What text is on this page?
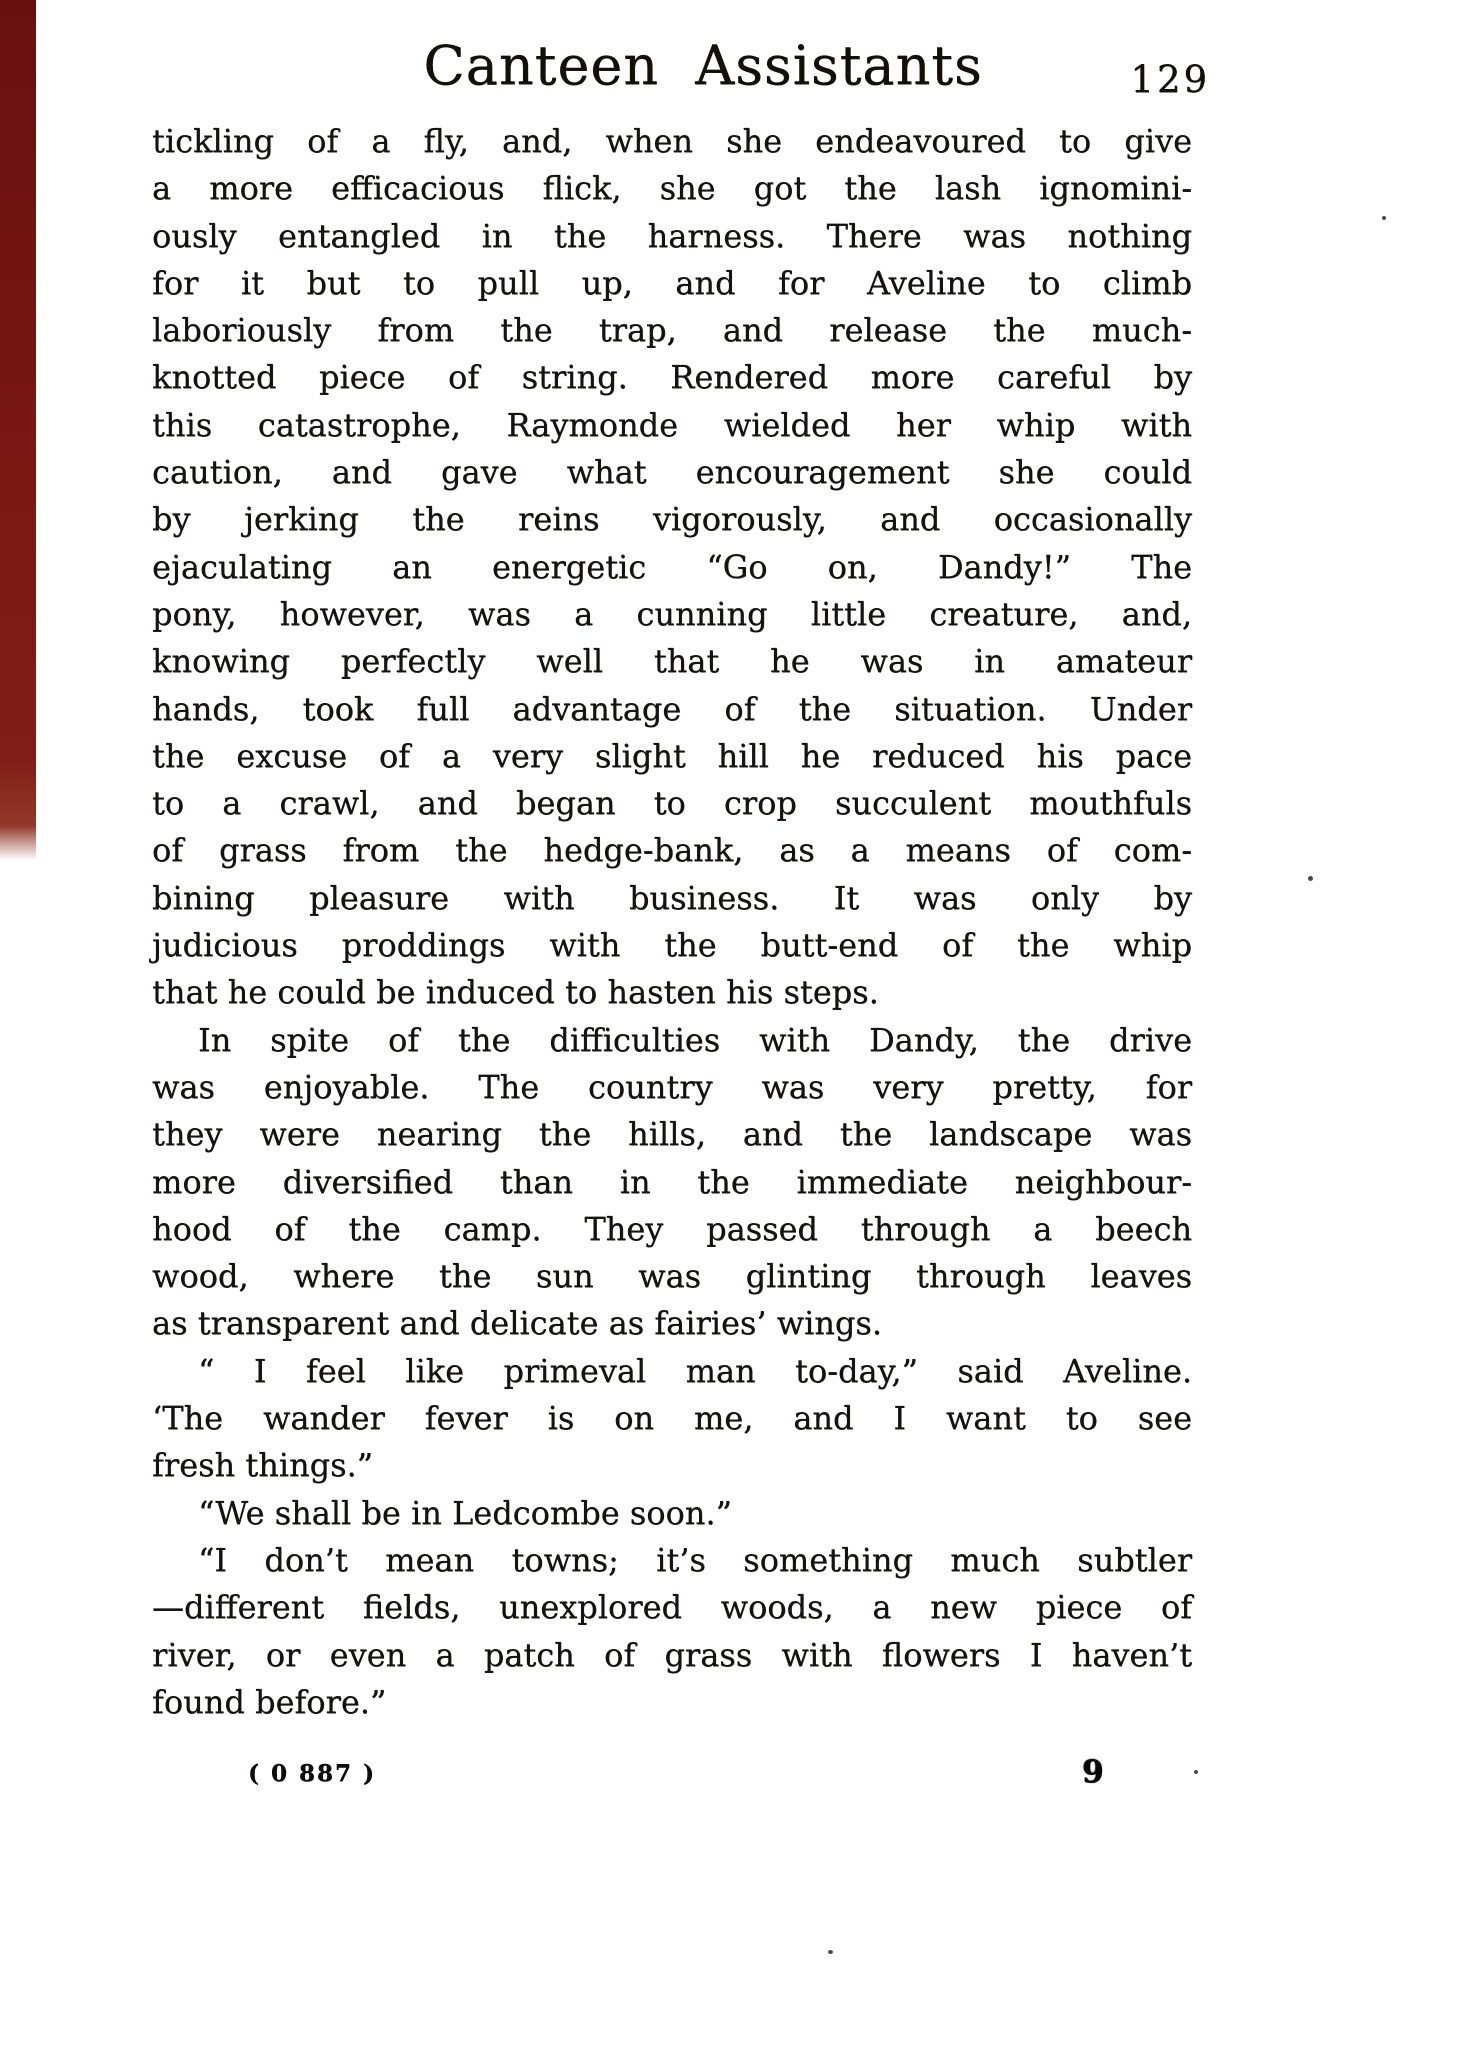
Canteen Assistants	129
tickling of a fly, and, when she endeavoured to give
a more efficacious flick, she got the lash ignomini-
ously entangled in the harness. There was nothing
for it but to pull up, and for Aveline to climb
laboriously from the trap, and release the much-
knotted piece of string. Rendered more careful by
this catastrophe, Raymonde wielded her whip with
caution, and gave what encouragement she could
by jerking the reins vigorously, and occasionally
ejaculating an energetic “Go on, Dandy!” The
pony, however, was a cunning little creature, and,
knowing perfectly well that he was in amateur
hands, took full advantage of the situation. Under
the excuse of a very slight hill he reduced his pace
to a crawl, and began to crop succulent mouthfuls
of grass from the hedge-bank, as a means of com-
bining pleasure with business. It was only by
judicious proddings with the butt-end of the whip
that he could be induced to hasten his steps.
In spite of the difficulties with Dandy, the drive
was enjoyable. The country was very pretty, for
they were nearing the hills, and the landscape was
more diversified than in the immediate neighbour-
hood of the camp. They passed through a beech
wood, where the sun was glinting through leaves
as transparent and delicate as fairies’ wings.
“ I feel like primeval man to-day,” said Aveline.
‘The wander fever is on me, and I want to see
fresh things.”
“We shall be in Ledcombe soon.”
“I don’t mean towns; it’s something much subtler
—different fields, unexplored woods, a new piece of
river, or even a patch of grass with flowers I haven’t
found before.”
( 0 887 )	9
